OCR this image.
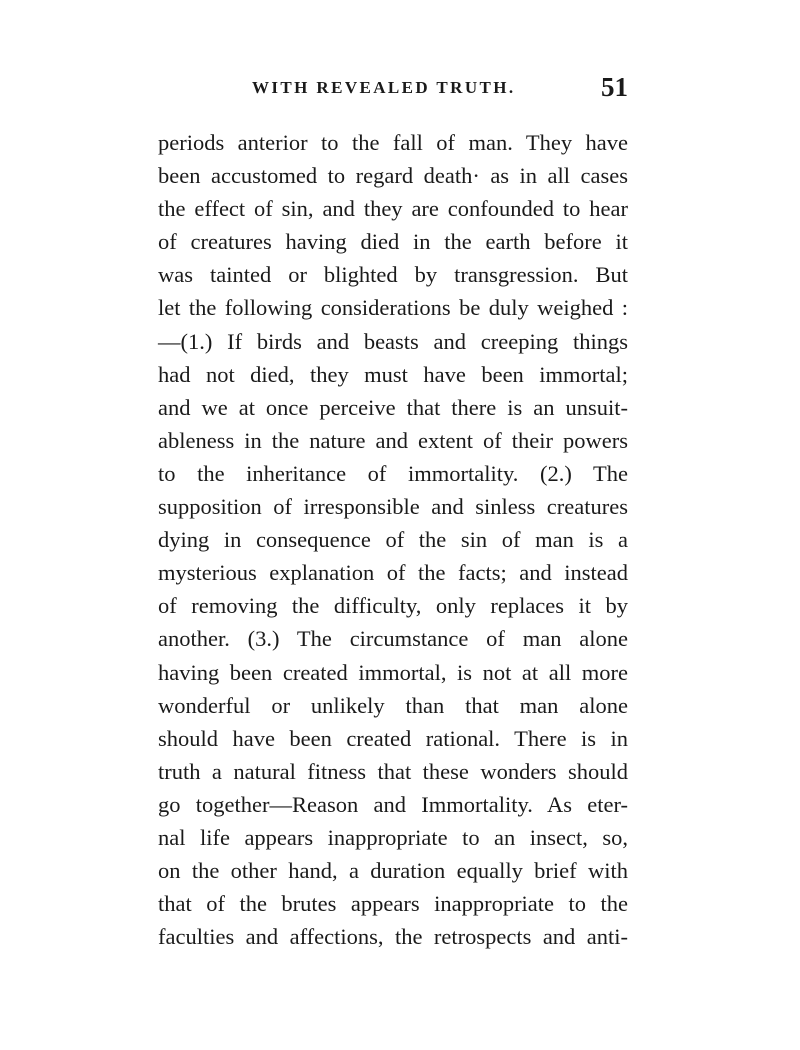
WITH REVEALED TRUTH.	51
periods anterior to the fall of man. They have
been accustomed to regard death· as in all cases
the effect of sin, and they are confounded to hear
of creatures having died in the earth before it
was tainted or blighted by transgression. But
let the following considerations be duly weighed :
—(1.) If birds and beasts and creeping things
had not died, they must have been immortal;
and we at once perceive that there is an unsuit-
ableness in the nature and extent of their powers
to the inheritance of immortality. (2.) The
supposition of irresponsible and sinless creatures
dying in consequence of the sin of man is a
mysterious explanation of the facts; and instead
of removing the difficulty, only replaces it by
another. (3.) The circumstance of man alone
having been created immortal, is not at all more
wonderful or unlikely than that man alone
should have been created rational. There is in
truth a natural fitness that these wonders should
go together—Reason and Immortality. As eter-
nal life appears inappropriate to an insect, so,
on the other hand, a duration equally brief with
that of the brutes appears inappropriate to the
faculties and affections, the retrospects and anti-
